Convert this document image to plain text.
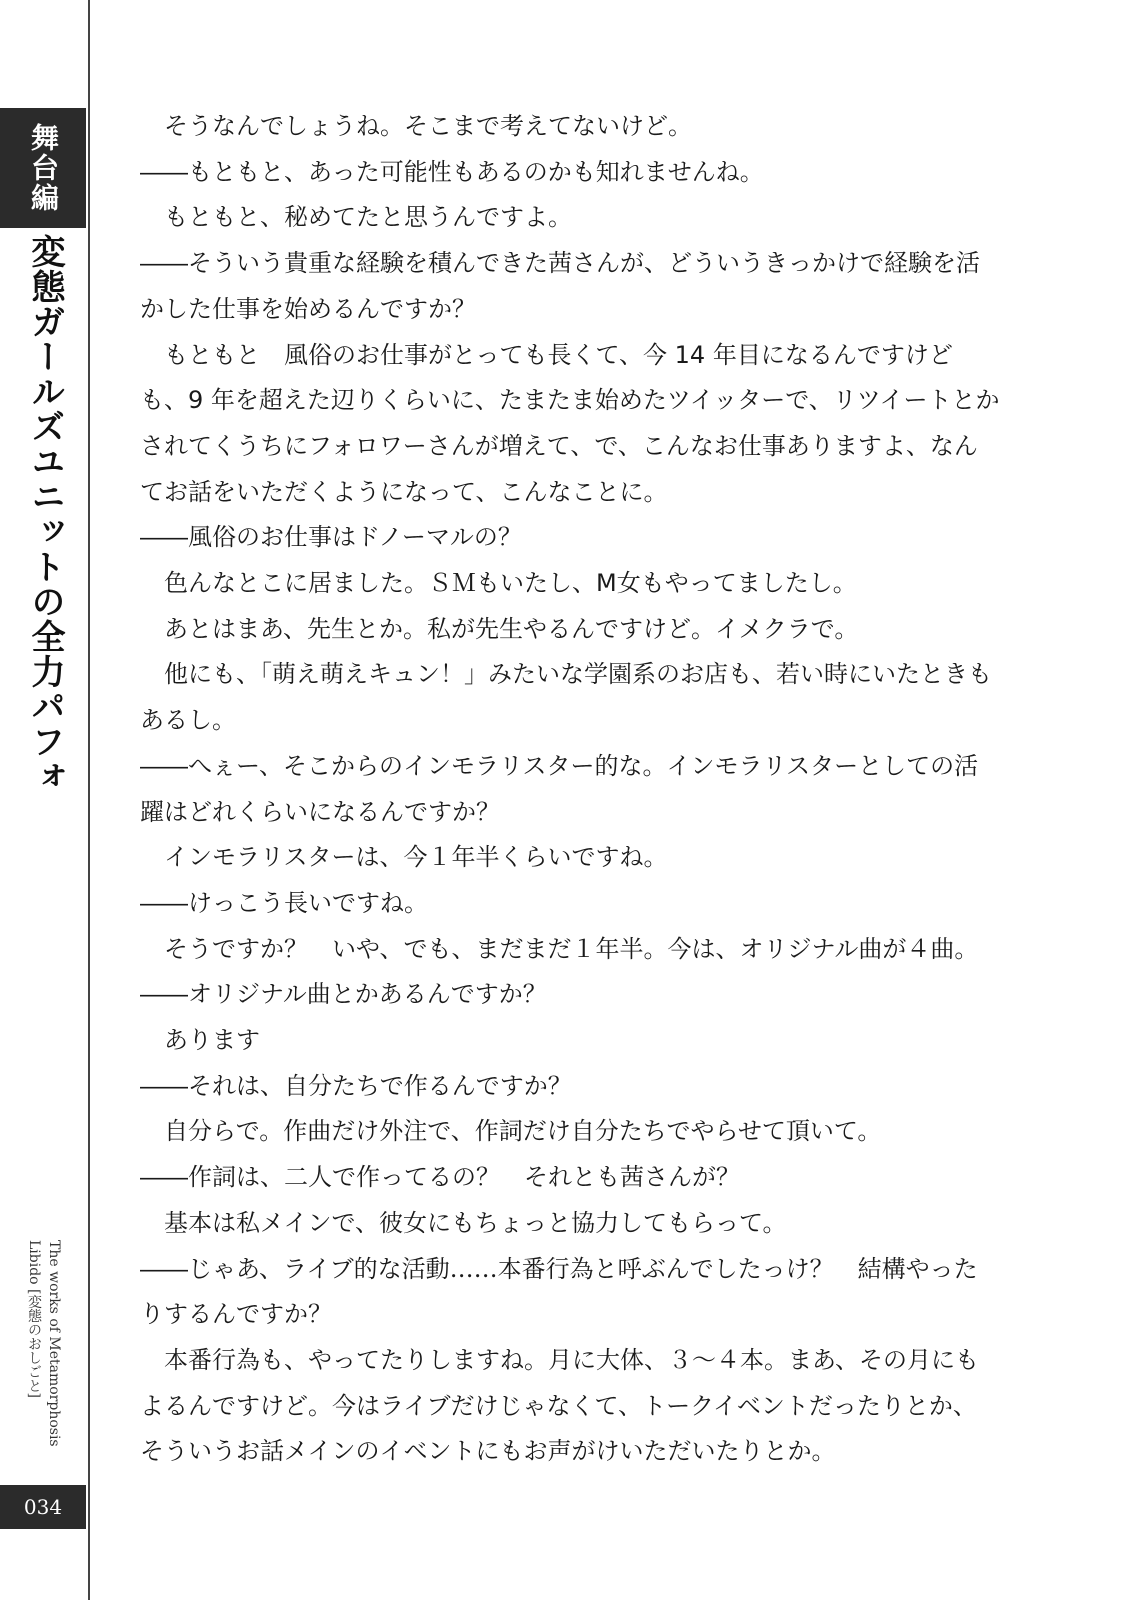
舞台編
変態ガールズユニットの全力パフォ
The works of Metamorphosis Libido [変態のおしごと]
034

そうなんでしょうね。そこまで考えてないけど。

――もともと、あった可能性もあるのかも知れませんね。

もともと、秘めてたと思うんですよ。

――そういう貴重な経験を積んできた茜さんが、どういうきっかけで経験を活かした仕事を始めるんですか？

もともと　風俗のお仕事がとっても長くて、今 14 年目になるんですけども、9 年を超えた辺りくらいに、たまたま始めたツイッターで、リツイートとかされてくうちにフォロワーさんが増えて、で、こんなお仕事ありますよ、なんてお話をいただくようになって、こんなことに。

――風俗のお仕事はドノーマルの？

色んなとこに居ました。ＳＭもいたし、M女もやってましたし。

あとはまあ、先生とか。私が先生やるんですけど。イメクラで。

他にも、「萌え萌えキュン！」みたいな学園系のお店も、若い時にいたときもあるし。

――へぇー、そこからのインモラリスター的な。インモラリスターとしての活躍はどれくらいになるんですか？

インモラリスターは、今１年半くらいですね。

――けっこう長いですね。

そうですか？　いや、でも、まだまだ１年半。今は、オリジナル曲が４曲。

――オリジナル曲とかあるんですか？

あります

――それは、自分たちで作るんですか？

自分らで。作曲だけ外注で、作詞だけ自分たちでやらせて頂いて。

――作詞は、二人で作ってるの？　それとも茜さんが？

基本は私メインで、彼女にもちょっと協力してもらって。

――じゃあ、ライブ的な活動……本番行為と呼ぶんでしたっけ？　結構やったりするんですか？

本番行為も、やってたりしますね。月に大体、３～４本。まあ、その月にもよるんですけど。今はライブだけじゃなくて、トークイベントだったりとか、そういうお話メインのイベントにもお声がけいただいたりとか。
